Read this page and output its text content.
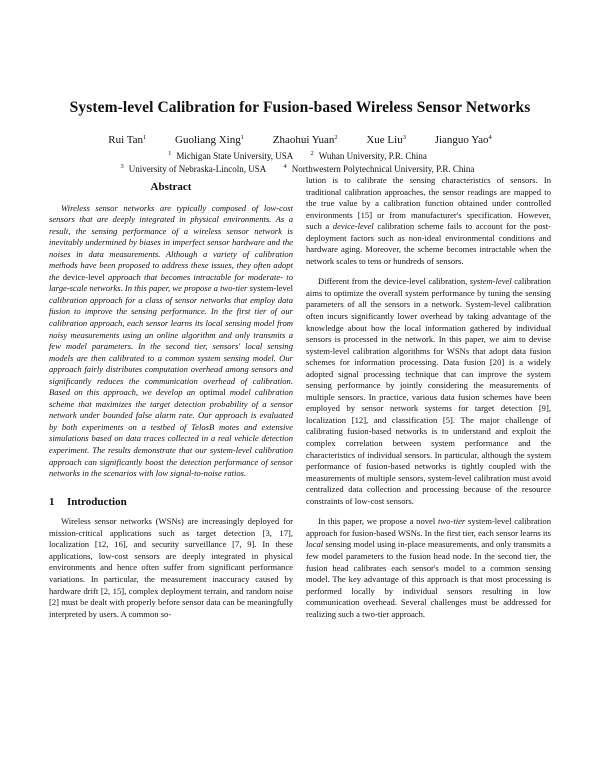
System-level Calibration for Fusion-based Wireless Sensor Networks
Rui Tan$^1$	Guoliang Xing$^1$	Zhaohui Yuan$^2$	Xue Liu$^3$	Jianguo Yao$^4$
$^1$ Michigan State University, USA	$^2$ Wuhan University, P.R. China
$^3$ University of Nebraska-Lincoln, USA	$^4$ Northwestern Polytechnical University, P.R. China
Abstract

Wireless sensor networks are typically composed of low-cost sensors that are deeply integrated in physical environments. As a result, the sensing performance of a wireless sensor network is inevitably undermined by biases in imperfect sensor hardware and the noises in data measurements. Although a variety of calibration methods have been proposed to address these issues, they often adopt the device-level approach that becomes intractable for moderate- to large-scale networks. In this paper, we propose a two-tier system-level calibration approach for a class of sensor networks that employ data fusion to improve the sensing performance. In the first tier of our calibration approach, each sensor learns its local sensing model from noisy measurements using an online algorithm and only transmits a few model parameters. In the second tier, sensors' local sensing models are then calibrated to a common system sensing model. Our approach fairly distributes computation overhead among sensors and significantly reduces the communication overhead of calibration. Based on this approach, we develop an optimal model calibration scheme that maximizes the target detection probability of a sensor network under bounded false alarm rate. Our approach is evaluated by both experiments on a testbed of TelosB motes and extensive simulations based on data traces collected in a real vehicle detection experiment. The results demonstrate that our system-level calibration approach can significantly boost the detection performance of sensor networks in the scenarios with low signal-to-noise ratios.

1 Introduction

Wireless sensor networks (WSNs) are increasingly deployed for mission-critical applications such as target detection [3, 17], localization [12, 16], and security surveillance [7, 9]. In these applications, low-cost sensors are deeply integrated in physical environments and hence often suffer from significant performance variations. In particular, the measurement inaccuracy caused by hardware drift [2, 15], complex deployment terrain, and random noise [2] must be dealt with properly before sensor data can be meaningfully interpreted by users. A common so-

lution is to calibrate the sensing characteristics of sensors. In traditional calibration approaches, the sensor readings are mapped to the true value by a calibration function obtained under controlled environments [15] or from manufacturer's specification. However, such a device-level calibration scheme fails to account for the post-deployment factors such as non-ideal environmental conditions and hardware aging. Moreover, the scheme becomes intractable when the network scales to tens or hundreds of sensors.

Different from the device-level calibration, system-level calibration aims to optimize the overall system performance by tuning the sensing parameters of all the sensors in a network. System-level calibration often incurs significantly lower overhead by taking advantage of the knowledge about how the local information gathered by individual sensors is processed in the network. In this paper, we aim to devise system-level calibration algorithms for WSNs that adopt data fusion schemes for information processing. Data fusion [20] is a widely adopted signal processing technique that can improve the system sensing performance by jointly considering the measurements of multiple sensors. In practice, various data fusion schemes have been employed by sensor network systems for target detection [9], localization [12], and classification [5]. The major challenge of calibrating fusion-based networks is to understand and exploit the complex correlation between system performance and the characteristics of individual sensors. In particular, although the system performance of fusion-based networks is tightly coupled with the measurements of multiple sensors, system-level calibration must avoid centralized data collection and processing because of the resource constraints of low-cost sensors.

In this paper, we propose a novel two-tier system-level calibration approach for fusion-based WSNs. In the first tier, each sensor learns its local sensing model using in-place measurements, and only transmits a few model parameters to the fusion head node. In the second tier, the fusion head calibrates each sensor's model to a common sensing model. The key advantage of this approach is that most processing is performed locally by individual sensors resulting in low communication overhead. Several challenges must be addressed for realizing such a two-tier approach.
